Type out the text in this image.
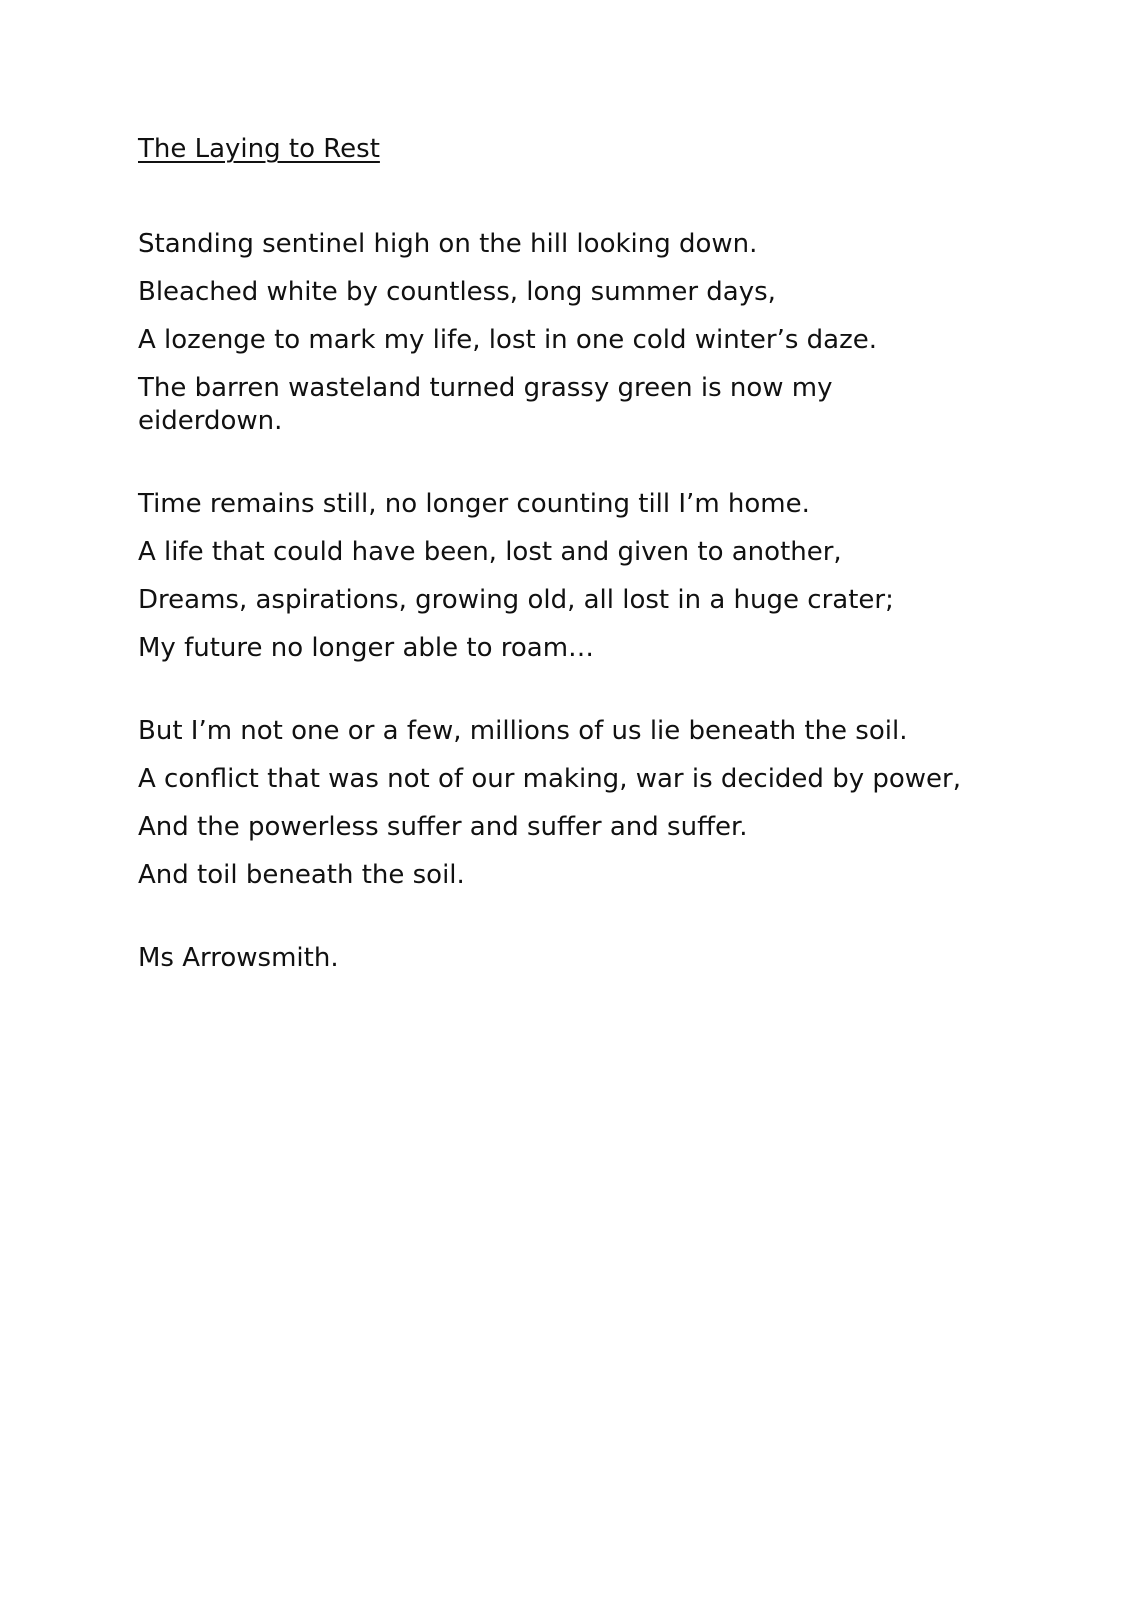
The Laying to Rest

Standing sentinel high on the hill looking down.

Bleached white by countless, long summer days,

A lozenge to mark my life, lost in one cold winter’s daze.

The barren wasteland turned grassy green is now my eiderdown.

Time remains still, no longer counting till I’m home.

A life that could have been, lost and given to another,

Dreams, aspirations, growing old, all lost in a huge crater;

My future no longer able to roam…

But I’m not one or a few, millions of us lie beneath the soil.

A conflict that was not of our making, war is decided by power,

And the powerless suffer and suffer and suffer.

And toil beneath the soil.

Ms Arrowsmith.
